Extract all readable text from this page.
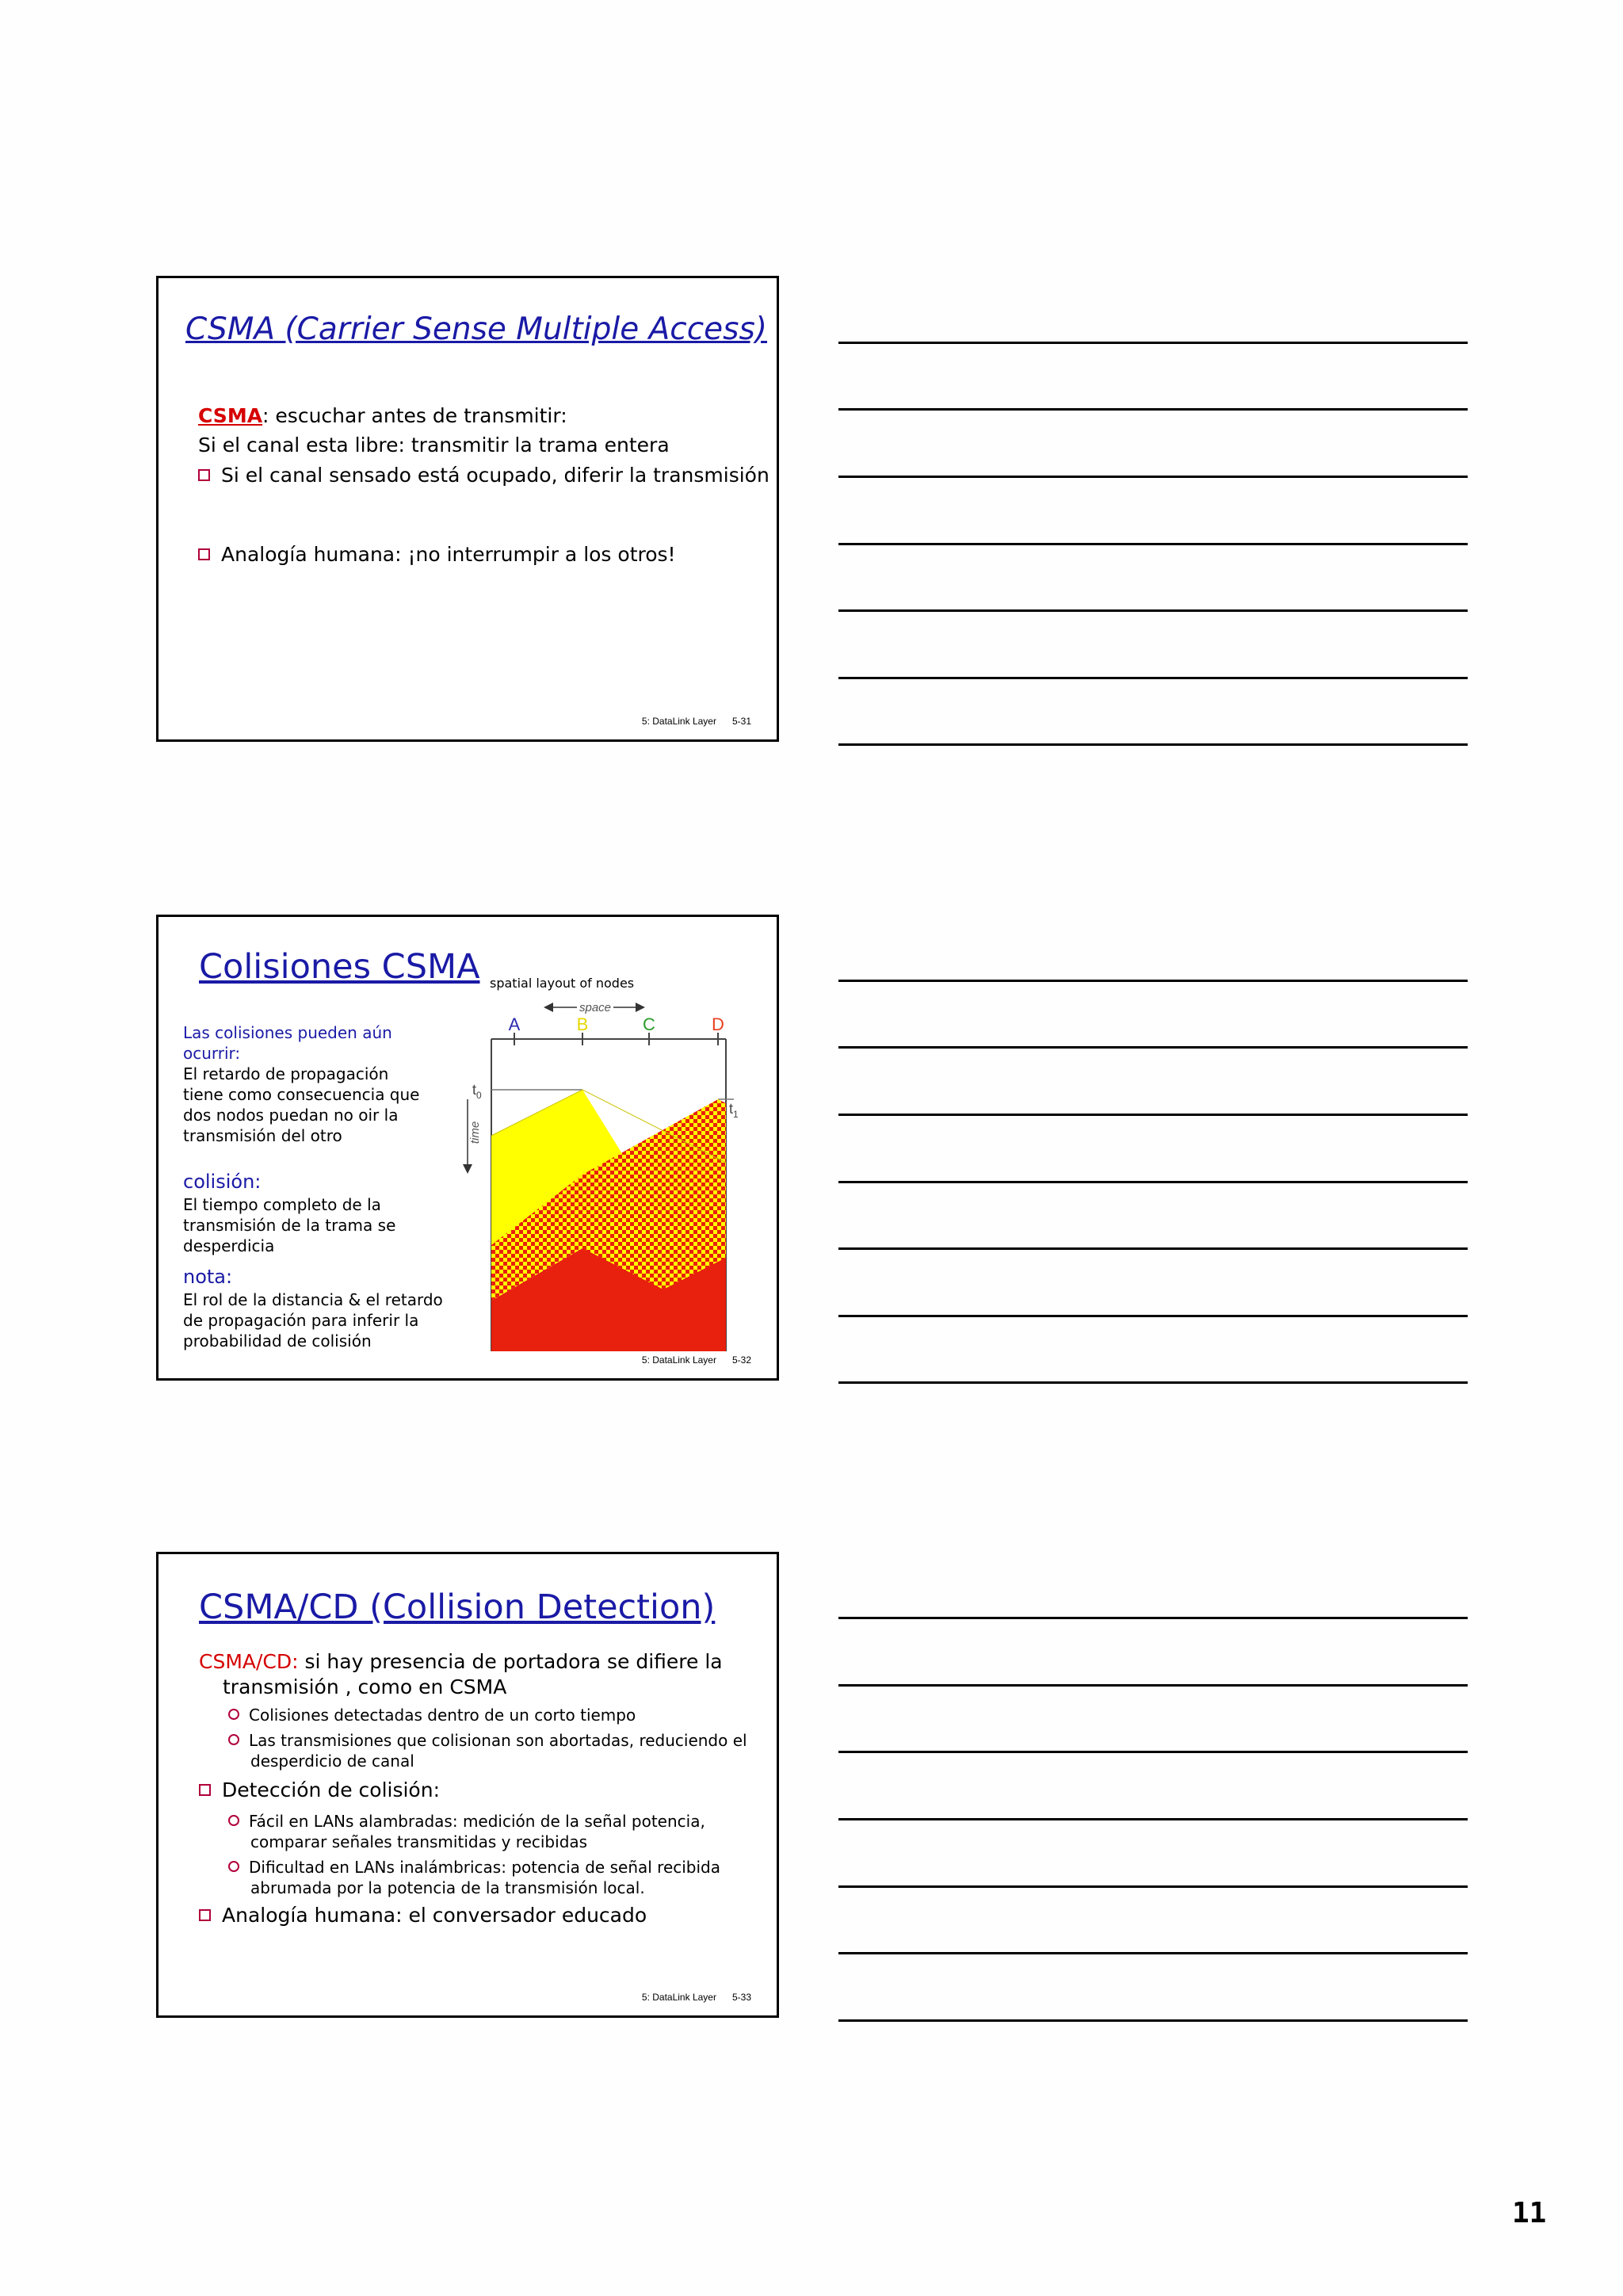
CSMA (Carrier Sense Multiple Access)
CSMA: escuchar antes de transmitir:
Si el canal esta libre: transmitir la trama entera
Si el canal sensado está ocupado, diferir la transmisión
Analogía humana: ¡no interrumpir a los otros!
5: DataLink Layer 5-31
Colisiones CSMA
Las colisiones pueden aún
ocurrir:
El retardo de propagación
tiene como consecuencia que
dos nodos puedan no oir la
transmisión del otro
colisión:
El tiempo completo de la
transmisión de la trama se
desperdicia
nota:
El rol de la distancia & el retardo
de propagación para inferir la
probabilidad de colisión
spatial layout of nodes
space
A	B	C	D
$t_0$
$t_1$
time
5: DataLink Layer 5-32
CSMA/CD (Collision Detection)
CSMA/CD: si hay presencia de portadora se difiere la
transmisión , como en CSMA
Colisiones detectadas dentro de un corto tiempo
Las transmisiones que colisionan son abortadas, reduciendo el
desperdicio de canal
Detección de colisión:
Fácil en LANs alambradas: medición de la señal potencia,
comparar señales transmitidas y recibidas
Dificultad en LANs inalámbricas: potencia de señal recibida
abrumada por la potencia de la transmisión local.
Analogía humana: el conversador educado
5: DataLink Layer 5-33
11
